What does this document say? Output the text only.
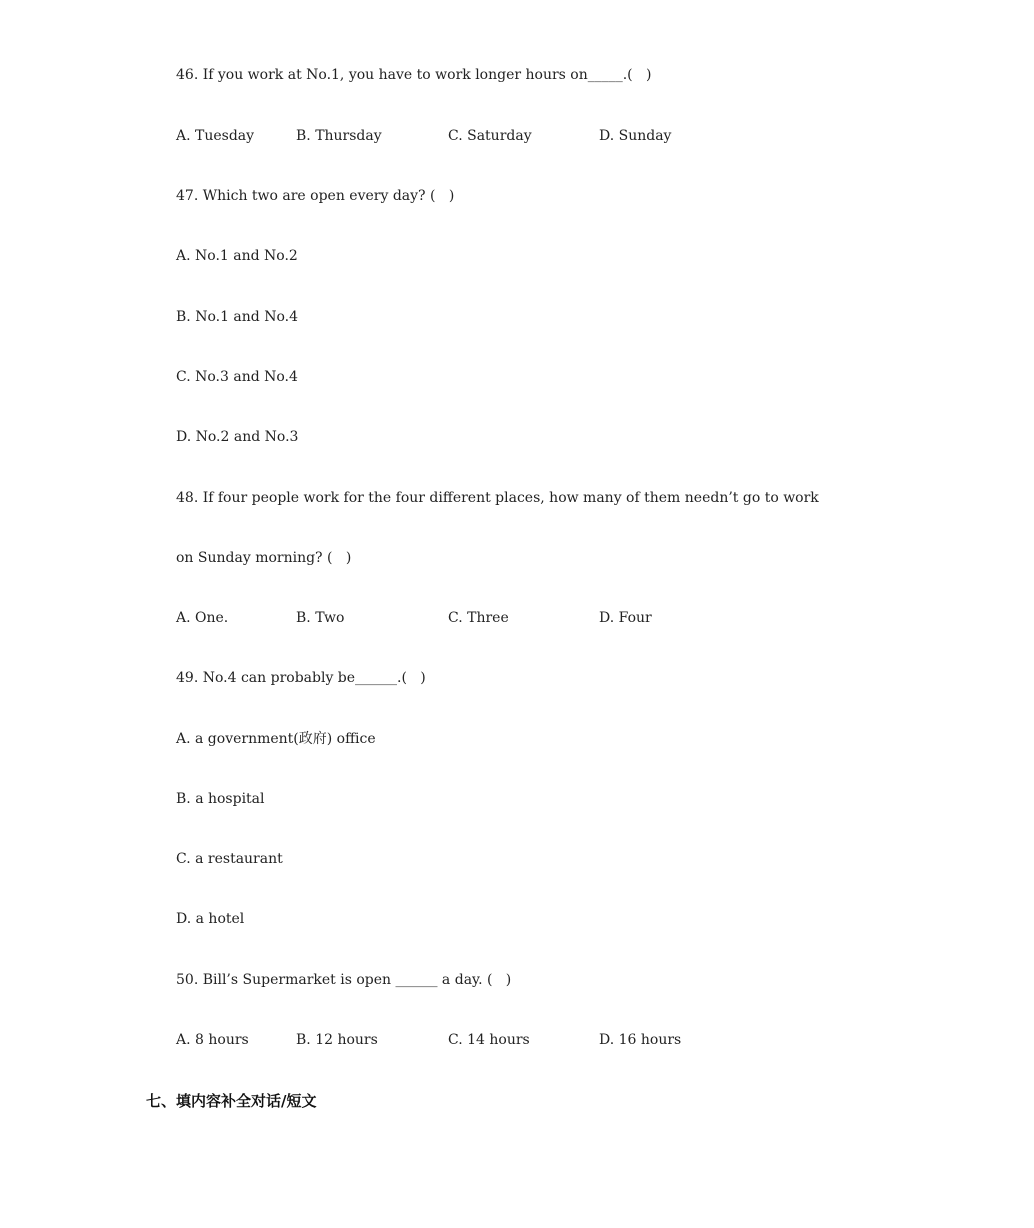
46. If you work at No.1, you have to work longer hours on_____.(   )
A. Tuesday	B. Thursday	C. Saturday	D. Sunday
47. Which two are open every day? (   )
A. No.1 and No.2
B. No.1 and No.4
C. No.3 and No.4
D. No.2 and No.3
48. If four people work for the four different places, how many of them needn’t go to work
on Sunday morning? (   )
A. One.	B. Two	C. Three	D. Four
49. No.4 can probably be______.(   )
A. a government(政府) office
B. a hospital
C. a restaurant
D. a hotel
50. Bill’s Supermarket is open ______ a day. (   )
A. 8 hours	B. 12 hours	C. 14 hours	D. 16 hours
七、填内容补全对话/短文
